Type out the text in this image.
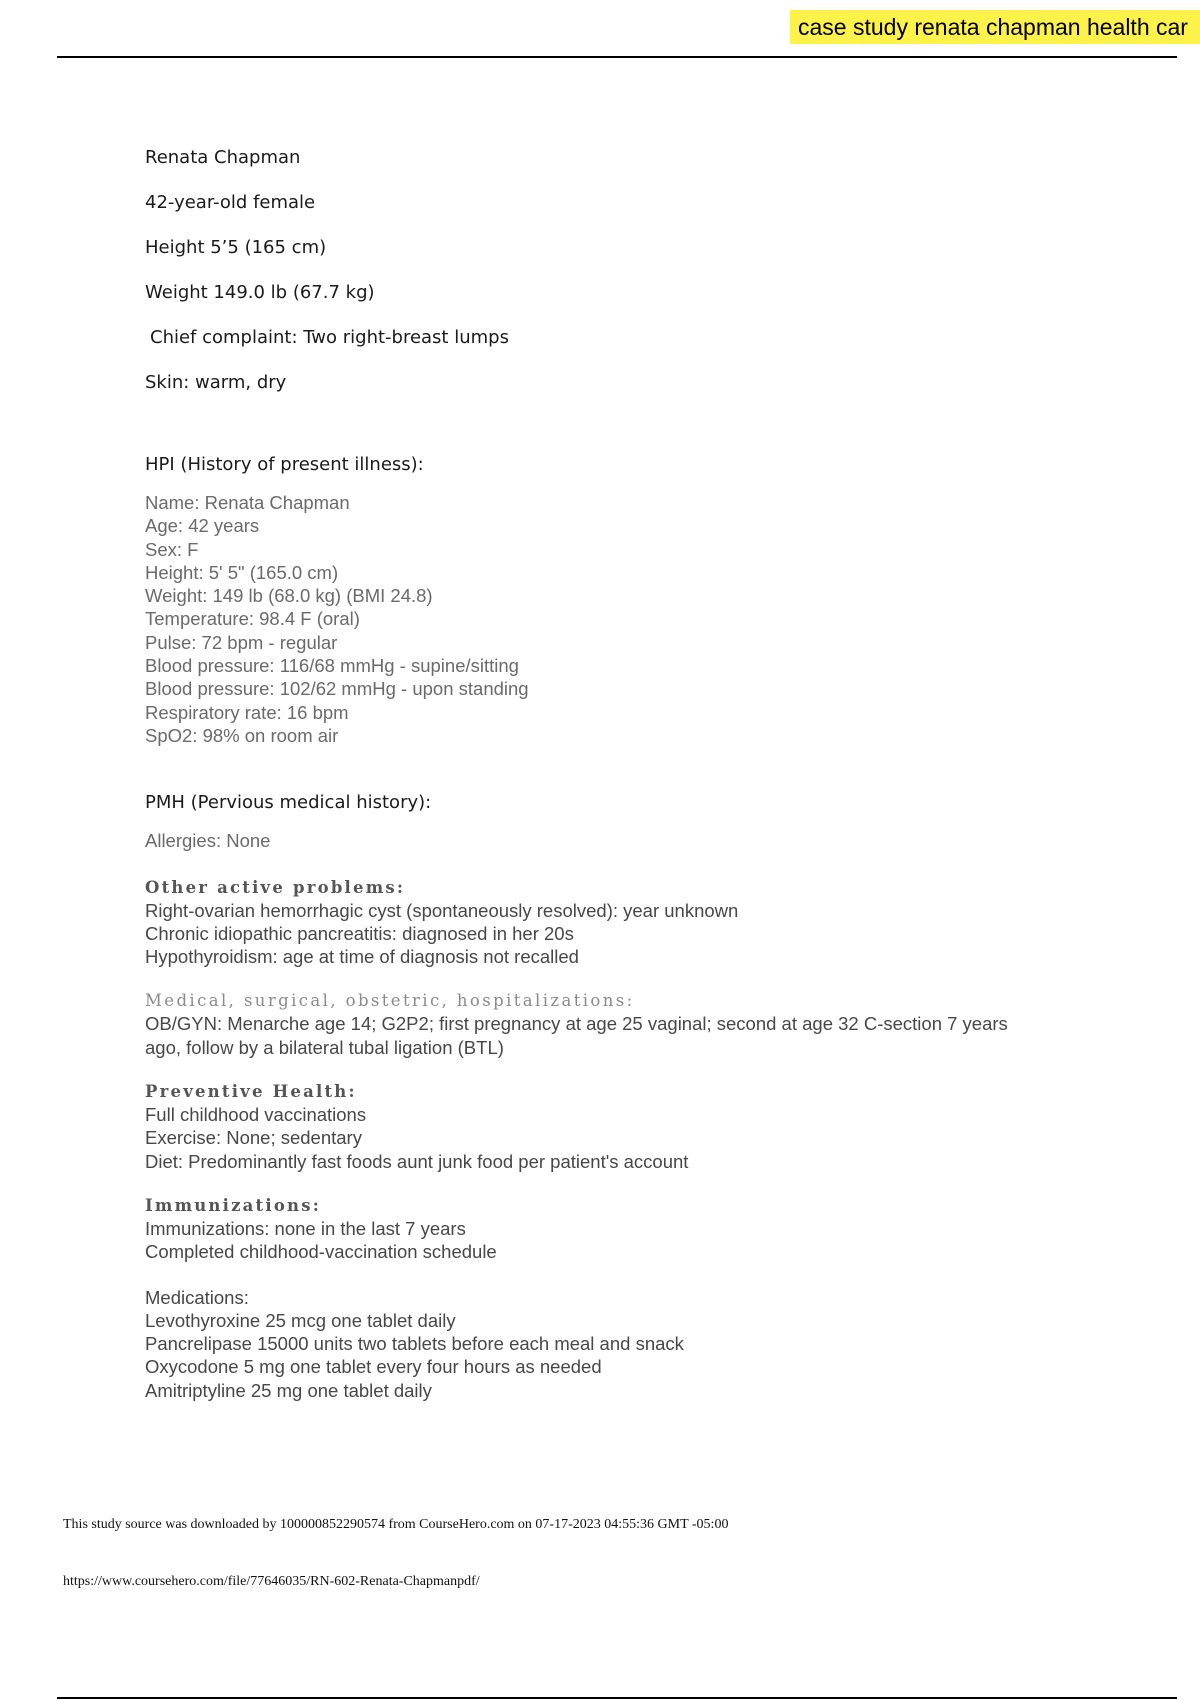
case study renata chapman health car
Renata Chapman
42-year-old female
Height 5’5 (165 cm)
Weight 149.0 lb (67.7 kg)
Chief complaint: Two right-breast lumps
Skin: warm, dry
HPI (History of present illness):
Name: Renata Chapman
Age: 42 years
Sex: F
Height: 5' 5" (165.0 cm)
Weight: 149 lb (68.0 kg) (BMI 24.8)
Temperature: 98.4 F (oral)
Pulse: 72 bpm - regular
Blood pressure: 116/68 mmHg - supine/sitting
Blood pressure: 102/62 mmHg - upon standing
Respiratory rate: 16 bpm
SpO2: 98% on room air
PMH (Pervious medical history):
Allergies: None
Other active problems:
Right-ovarian hemorrhagic cyst (spontaneously resolved): year unknown
Chronic idiopathic pancreatitis: diagnosed in her 20s
Hypothyroidism: age at time of diagnosis not recalled
Medical, surgical, obstetric, hospitalizations:
OB/GYN: Menarche age 14; G2P2; first pregnancy at age 25 vaginal; second at age 32 C-section 7 years
ago, follow by a bilateral tubal ligation (BTL)
Preventive Health:
Full childhood vaccinations
Exercise: None; sedentary
Diet: Predominantly fast foods aunt junk food per patient's account
Immunizations:
Immunizations: none in the last 7 years
Completed childhood-vaccination schedule
Medications:
Levothyroxine 25 mcg one tablet daily
Pancrelipase 15000 units two tablets before each meal and snack
Oxycodone 5 mg one tablet every four hours as needed
Amitriptyline 25 mg one tablet daily
This study source was downloaded by 100000852290574 from CourseHero.com on 07-17-2023 04:55:36 GMT -05:00
https://www.coursehero.com/file/77646035/RN-602-Renata-Chapmanpdf/
